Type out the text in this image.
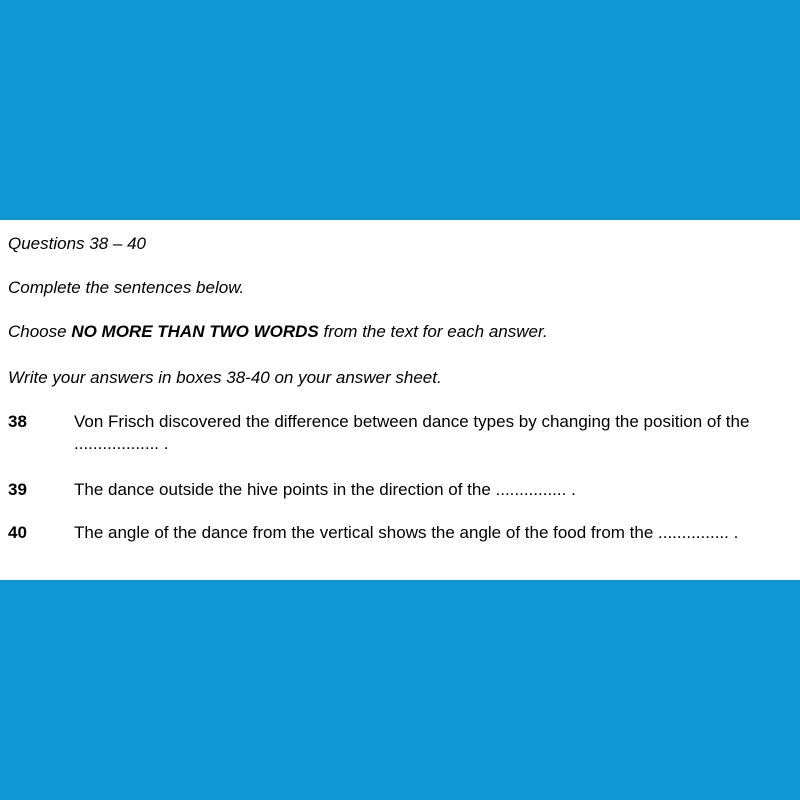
Questions 38 – 40
Complete the sentences below.
Choose NO MORE THAN TWO WORDS from the text for each answer.
Write your answers in boxes 38-40 on your answer sheet.
38	Von Frisch discovered the difference between dance types by changing the position of the .................. .
39	The dance outside the hive points in the direction of the ............... .
40	The angle of the dance from the vertical shows the angle of the food from the ............... .
